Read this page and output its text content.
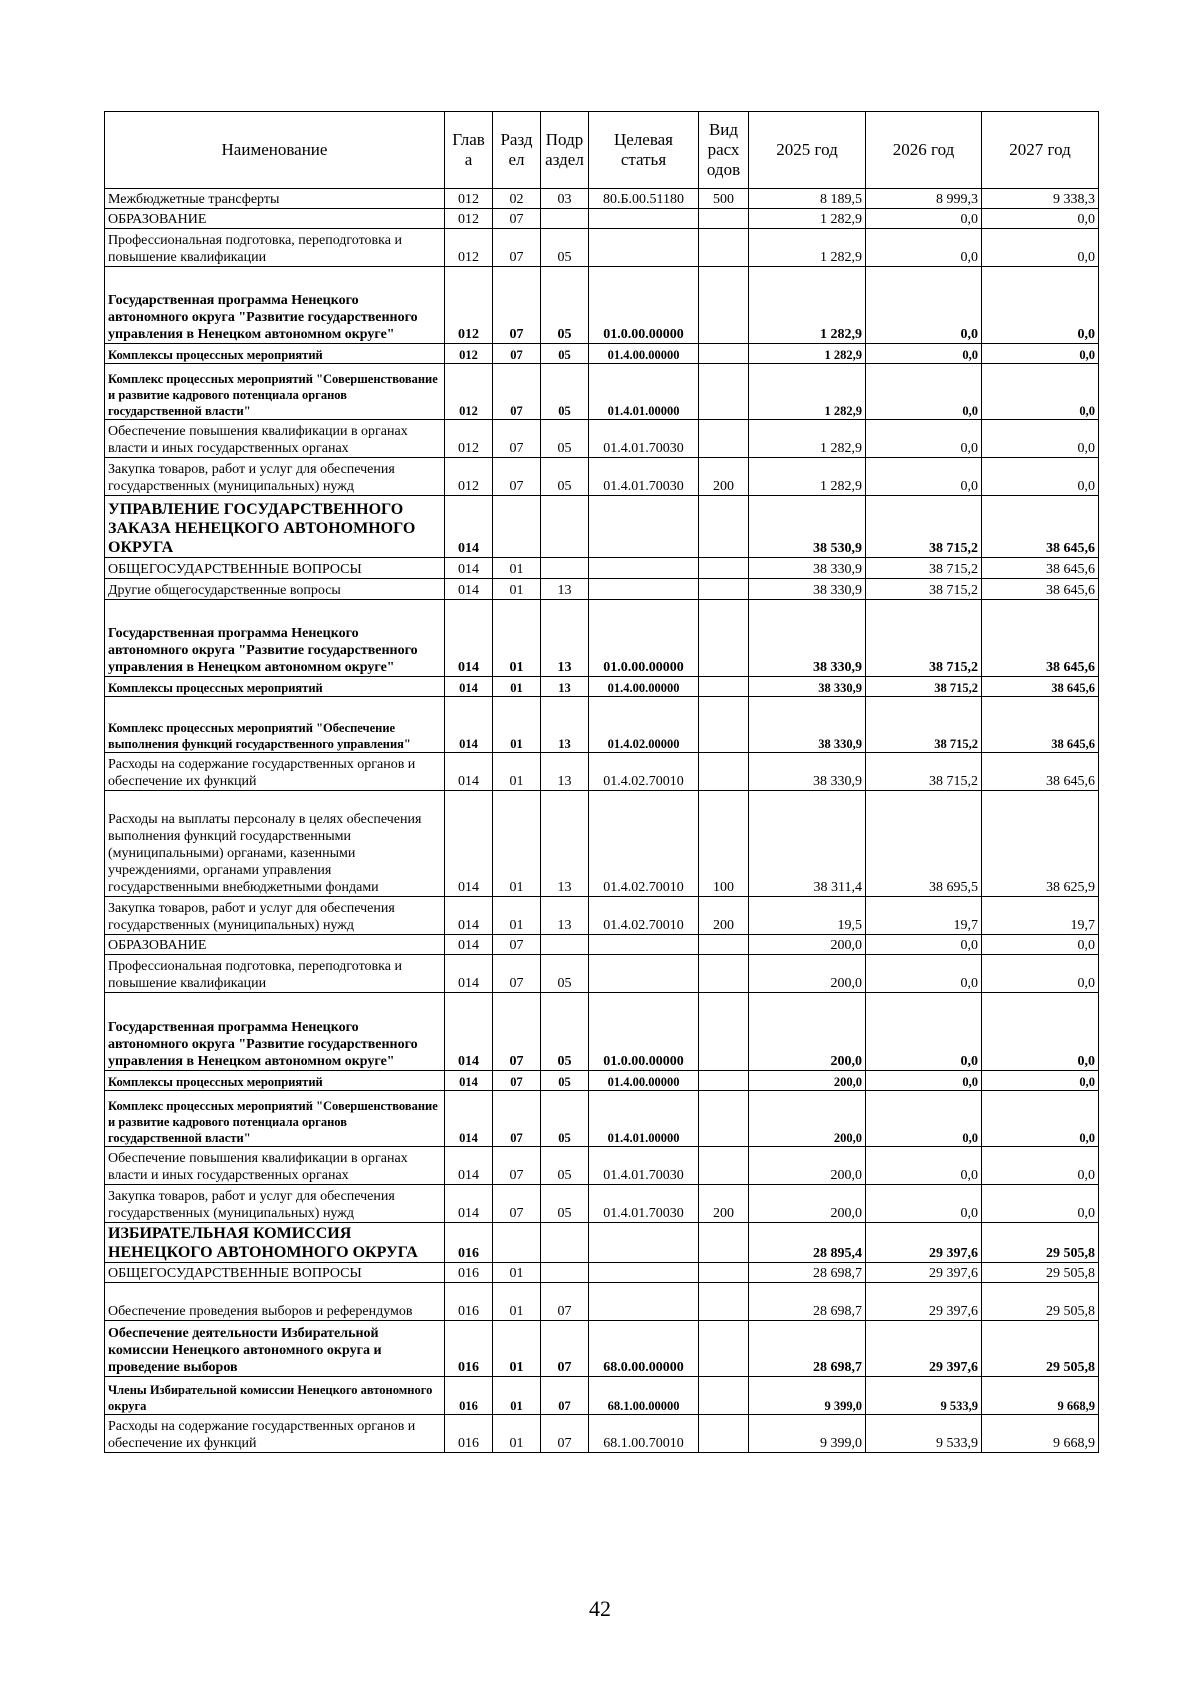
Наименование	Глав а	Разд ел	Подр аздел	Целевая статья	Вид расх одов	2025 год	2026 год	2027 год
Межбюджетные трансферты	012	02	03	80.Б.00.51180	500	8 189,5	8 999,3	9 338,3
ОБРАЗОВАНИЕ	012	07				1 282,9	0,0	0,0
Профессиональная подготовка, переподготовка и повышение квалификации	012	07	05			1 282,9	0,0	0,0
Государственная программа Ненецкого автономного округа "Развитие государственного управления в Ненецком автономном округе"	012	07	05	01.0.00.00000		1 282,9	0,0	0,0
Комплексы процессных мероприятий	012	07	05	01.4.00.00000		1 282,9	0,0	0,0
Комплекс процессных мероприятий "Совершенствование и развитие кадрового потенциала органов государственной власти"	012	07	05	01.4.01.00000		1 282,9	0,0	0,0
Обеспечение повышения квалификации в органах власти и иных государственных органах	012	07	05	01.4.01.70030		1 282,9	0,0	0,0
Закупка товаров, работ и услуг для обеспечения государственных (муниципальных) нужд	012	07	05	01.4.01.70030	200	1 282,9	0,0	0,0
УПРАВЛЕНИЕ ГОСУДАРСТВЕННОГО ЗАКАЗА НЕНЕЦКОГО АВТОНОМНОГО ОКРУГА	014					38 530,9	38 715,2	38 645,6
ОБЩЕГОСУДАРСТВЕННЫЕ ВОПРОСЫ	014	01				38 330,9	38 715,2	38 645,6
Другие общегосударственные вопросы	014	01	13			38 330,9	38 715,2	38 645,6
Государственная программа Ненецкого автономного округа "Развитие государственного управления в Ненецком автономном округе"	014	01	13	01.0.00.00000		38 330,9	38 715,2	38 645,6
Комплексы процессных мероприятий	014	01	13	01.4.00.00000		38 330,9	38 715,2	38 645,6
Комплекс процессных мероприятий "Обеспечение выполнения функций государственного управления"	014	01	13	01.4.02.00000		38 330,9	38 715,2	38 645,6
Расходы на содержание государственных органов и обеспечение их функций	014	01	13	01.4.02.70010		38 330,9	38 715,2	38 645,6
Расходы на выплаты персоналу в целях обеспечения выполнения функций государственными (муниципальными) органами, казенными учреждениями, органами управления государственными внебюджетными фондами	014	01	13	01.4.02.70010	100	38 311,4	38 695,5	38 625,9
Закупка товаров, работ и услуг для обеспечения государственных (муниципальных) нужд	014	01	13	01.4.02.70010	200	19,5	19,7	19,7
ОБРАЗОВАНИЕ	014	07				200,0	0,0	0,0
Профессиональная подготовка, переподготовка и повышение квалификации	014	07	05			200,0	0,0	0,0
Государственная программа Ненецкого автономного округа "Развитие государственного управления в Ненецком автономном округе"	014	07	05	01.0.00.00000		200,0	0,0	0,0
Комплексы процессных мероприятий	014	07	05	01.4.00.00000		200,0	0,0	0,0
Комплекс процессных мероприятий "Совершенствование и развитие кадрового потенциала органов государственной власти"	014	07	05	01.4.01.00000		200,0	0,0	0,0
Обеспечение повышения квалификации в органах власти и иных государственных органах	014	07	05	01.4.01.70030		200,0	0,0	0,0
Закупка товаров, работ и услуг для обеспечения государственных (муниципальных) нужд	014	07	05	01.4.01.70030	200	200,0	0,0	0,0
ИЗБИРАТЕЛЬНАЯ КОМИССИЯ НЕНЕЦКОГО АВТОНОМНОГО ОКРУГА	016					28 895,4	29 397,6	29 505,8
ОБЩЕГОСУДАРСТВЕННЫЕ ВОПРОСЫ	016	01				28 698,7	29 397,6	29 505,8
Обеспечение проведения выборов и референдумов	016	01	07			28 698,7	29 397,6	29 505,8
Обеспечение деятельности Избирательной комиссии Ненецкого автономного округа и проведение выборов	016	01	07	68.0.00.00000		28 698,7	29 397,6	29 505,8
Члены Избирательной комиссии Ненецкого автономного округа	016	01	07	68.1.00.00000		9 399,0	9 533,9	9 668,9
Расходы на содержание государственных органов и обеспечение их функций	016	01	07	68.1.00.70010		9 399,0	9 533,9	9 668,9
42
